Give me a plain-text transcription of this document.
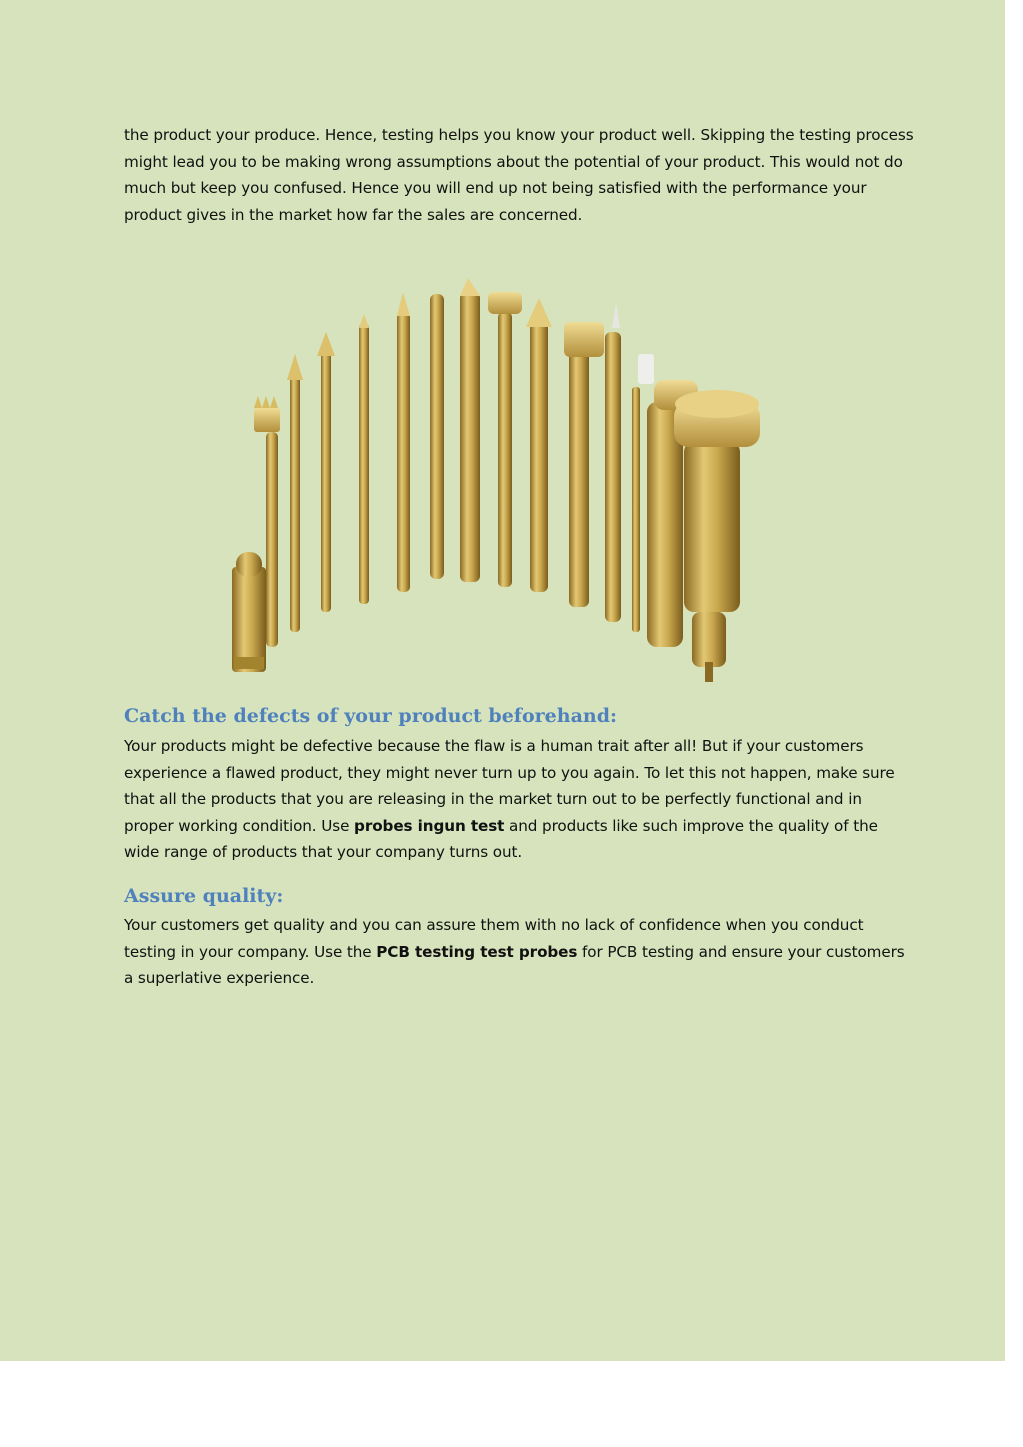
the product your produce. Hence, testing helps you know your product well. Skipping the testing process might lead you to be making wrong assumptions about the potential of your product. This would not do much but keep you confused. Hence you will end up not being satisfied with the performance your product gives in the market how far the sales are concerned.

Catch the defects of your product beforehand:

Your products might be defective because the flaw is a human trait after all! But if your customers experience a flawed product, they might never turn up to you again. To let this not happen, make sure that all the products that you are releasing in the market turn out to be perfectly functional and in proper working condition. Use probes ingun test and products like such improve the quality of the wide range of products that your company turns out.

Assure quality:

Your customers get quality and you can assure them with no lack of confidence when you conduct testing in your company. Use the PCB testing test probes for PCB testing and ensure your customers a superlative experience.
